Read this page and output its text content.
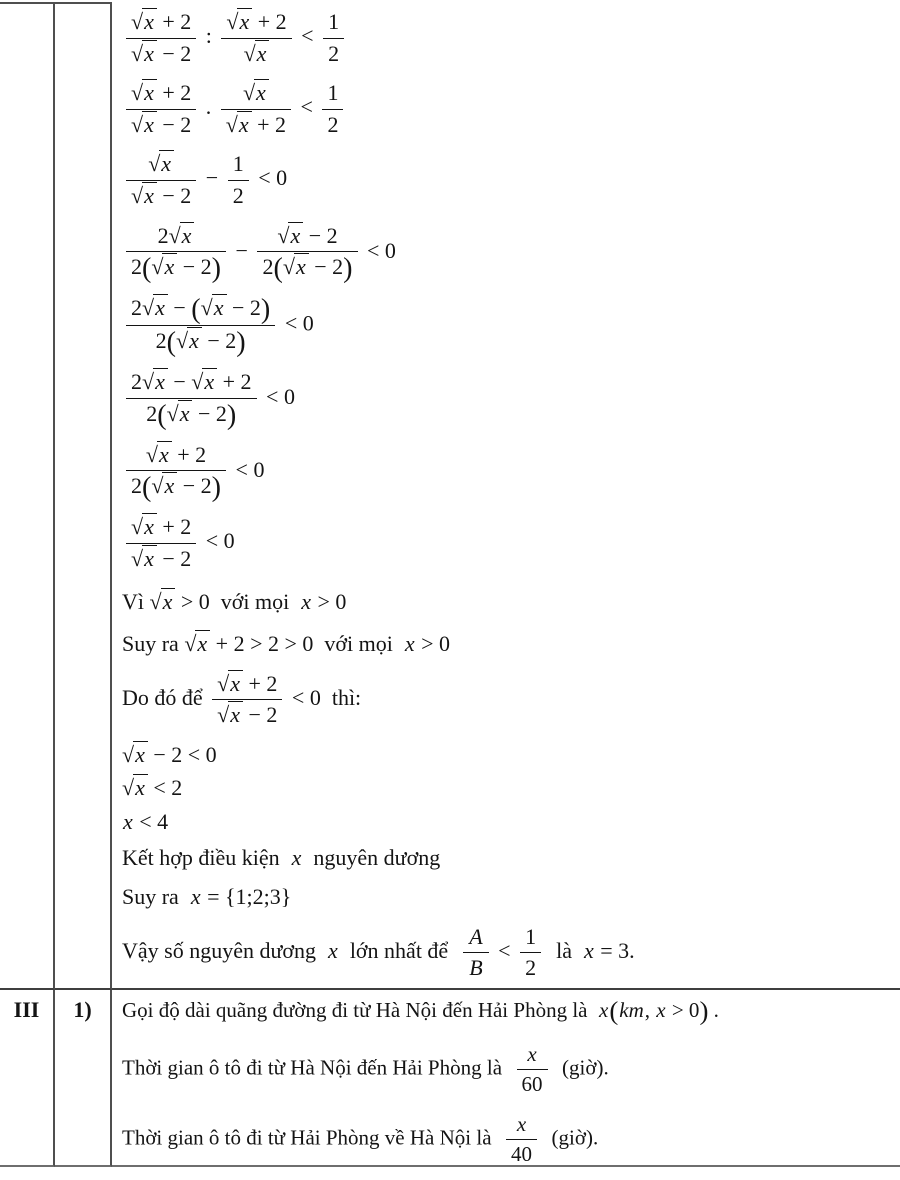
$\frac{√x + 2}{√x - 2}$ : $\frac{√x + 2}{√x} < \frac{1}{2}$
$\frac{√x + 2}{√x - 2}$ . $\frac{√x}{√x + 2} < \frac{1}{2}$
$\frac{√x}{√x - 2} - \frac{1}{2} < 0$
$\frac{2√x}{2(√x - 2)} - \frac{√x - 2}{2(√x - 2)} < 0$
$\frac{2√x - (√x - 2)}{2(√x - 2)} < 0$
$\frac{2√x - √x + 2}{2(√x - 2)} < 0$
$\frac{√x + 2}{2(√x - 2)} < 0$
$\frac{√x + 2}{√x - 2} < 0$
Vì √x > 0  với mọi  x > 0
Suy ra √x + 2 > 2 > 0  với mọi  x > 0
Do đó để $\frac{√x + 2}{√x - 2} < 0$  thì:
√x − 2 < 0
√x < 2
x < 4
Kết hợp điều kiện  x  nguyên dương
Suy ra  x = {1;2;3}
Vậy số nguyên dương  x  lớn nhất để $\frac{A}{B} < \frac{1}{2}$ là  x = 3.
III	1)	Gọi độ dài quãng đường đi từ Hà Nội đến Hải Phòng là  x(km, x > 0) .
Thời gian ô tô đi từ Hà Nội đến Hải Phòng là $\frac{x}{60}$ (giờ).
Thời gian ô tô đi từ Hải Phòng về Hà Nội là $\frac{x}{40}$ (giờ).
